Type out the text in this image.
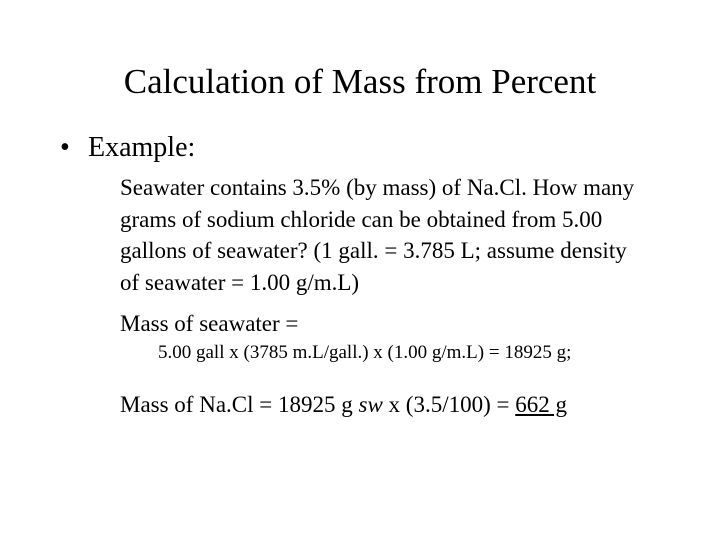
Calculation of Mass from Percent
• Example:
Seawater contains 3.5% (by mass) of Na.Cl. How many
grams of sodium chloride can be obtained from 5.00
gallons of seawater? (1 gall. = 3.785 L; assume density
of seawater = 1.00 g/m.L)
Mass of seawater =
5.00 gall x (3785 m.L/gall.) x (1.00 g/m.L) = 18925 g;
Mass of Na.Cl = 18925 g sw x (3.5/100) = 662 g
